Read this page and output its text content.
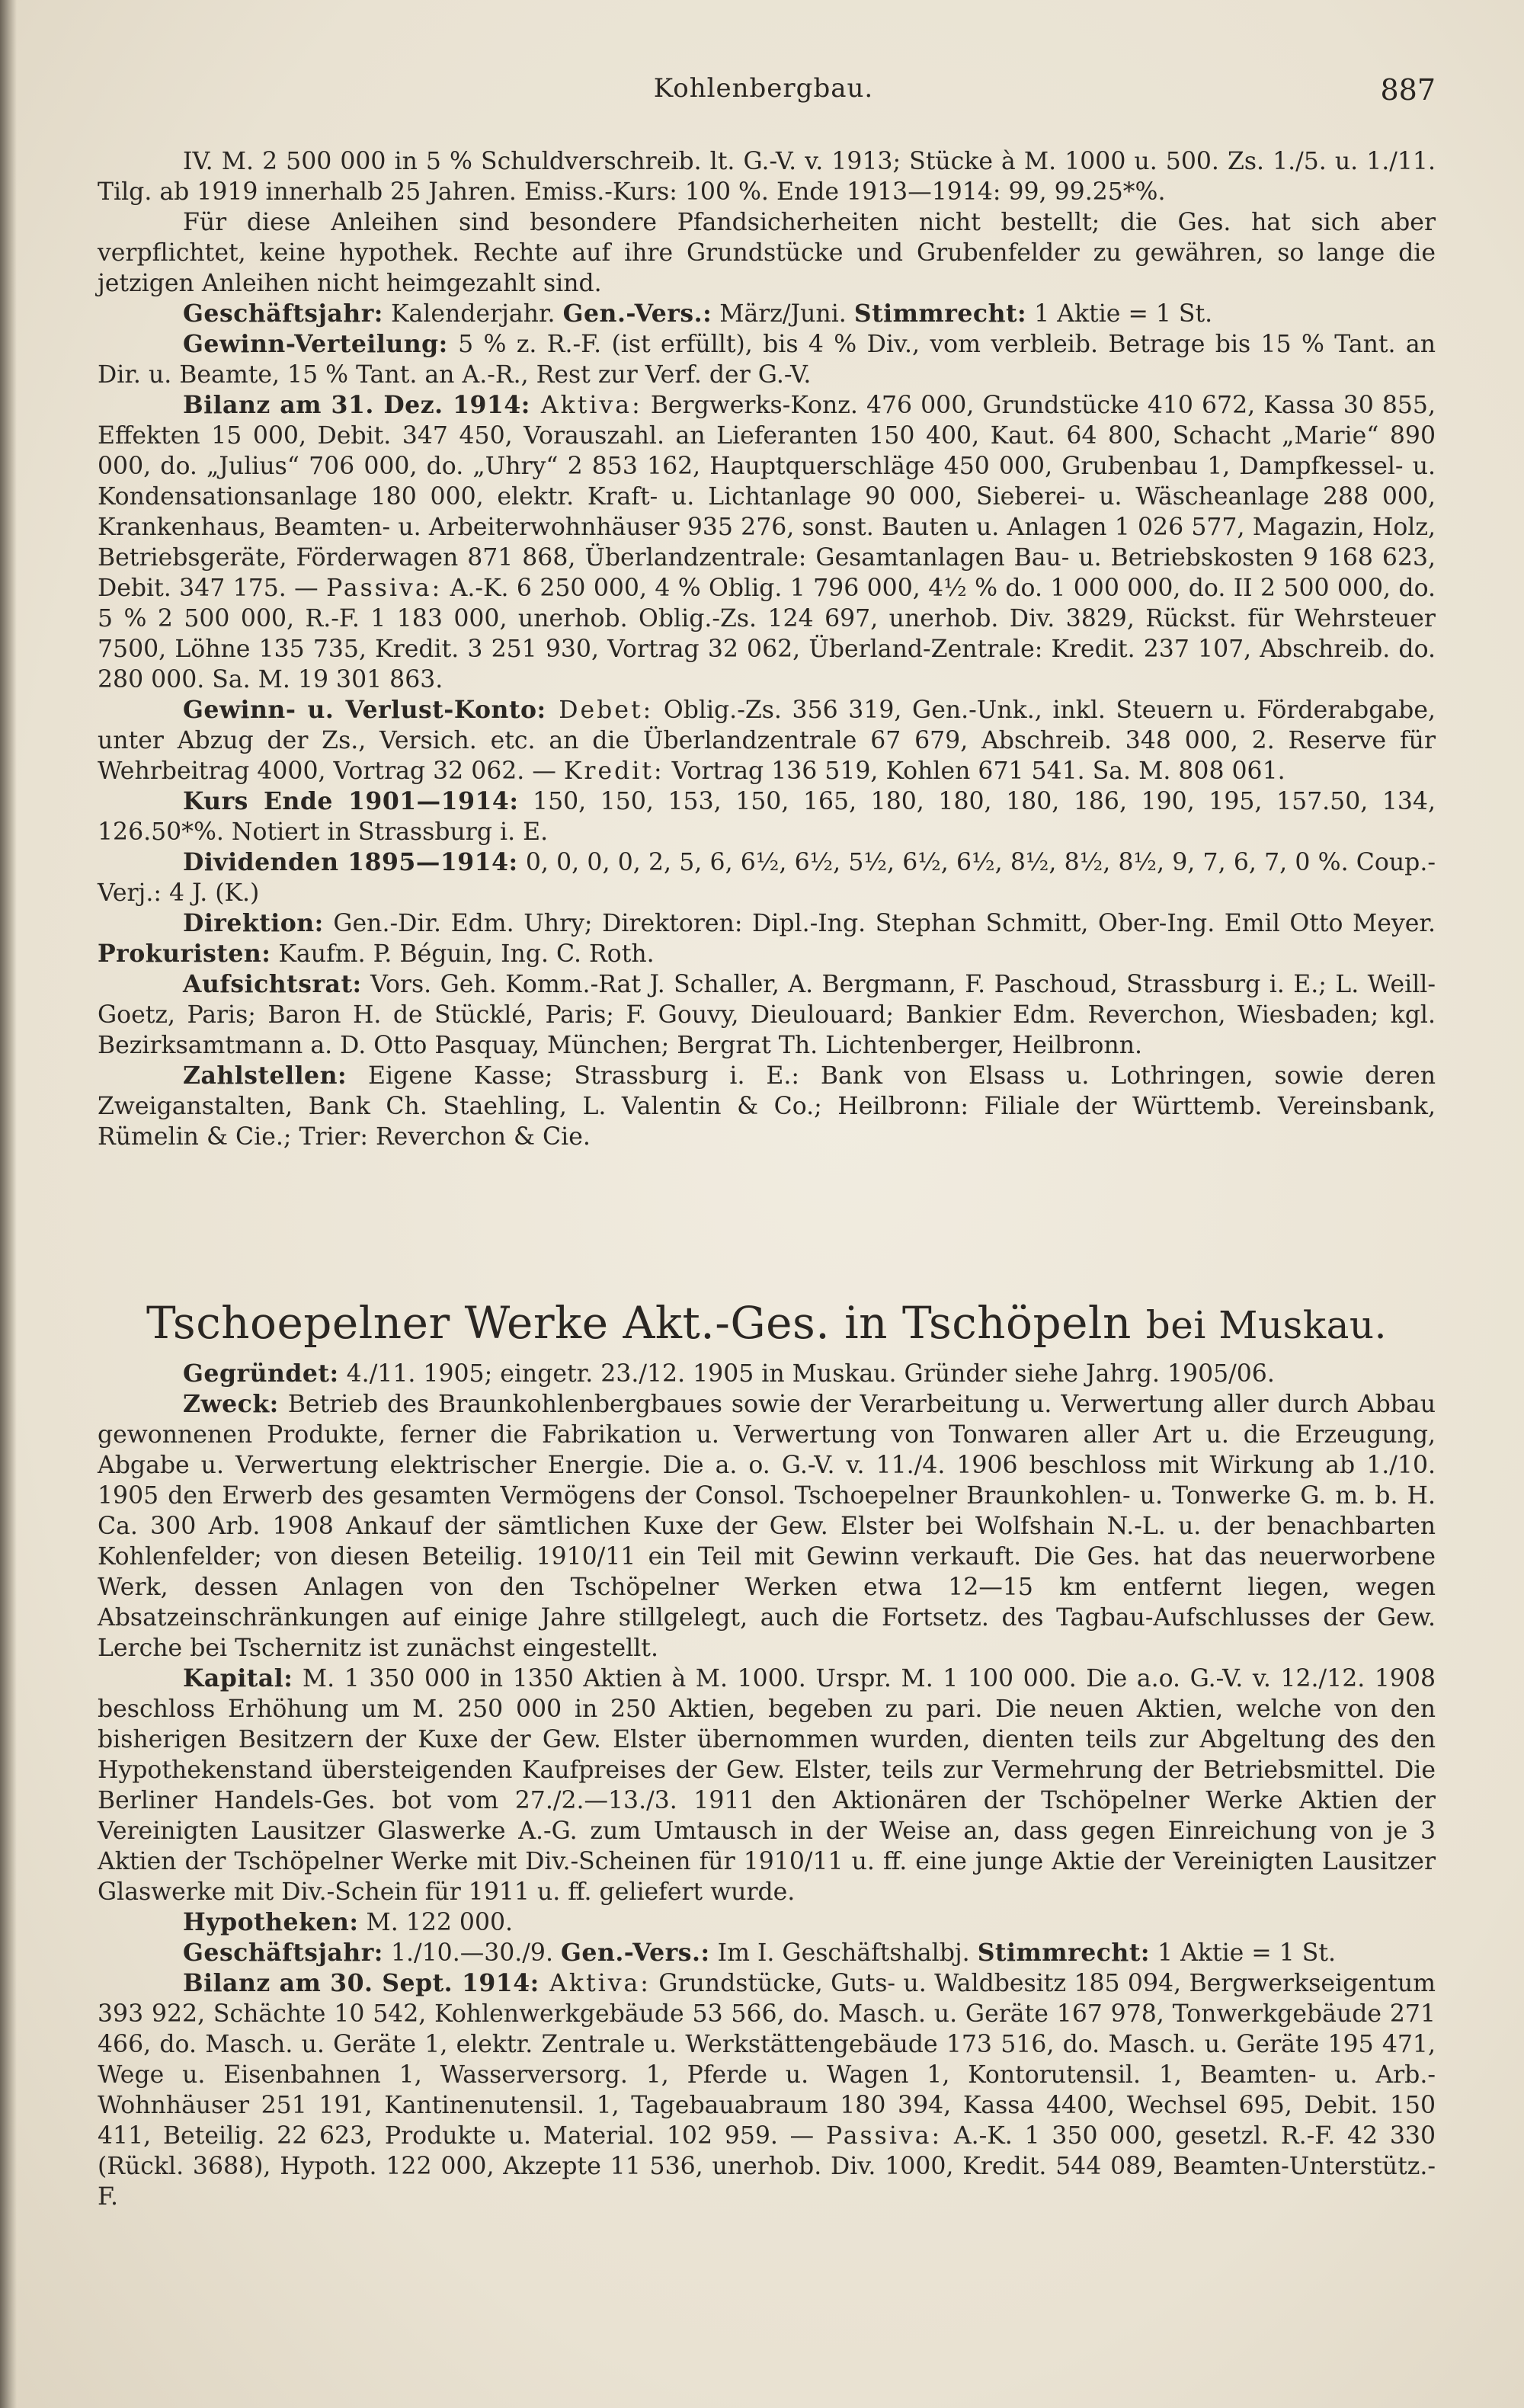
Kohlenbergbau.	887

IV. M. 2 500 000 in 5 % Schuldverschreib. lt. G.-V. v. 1913; Stücke à M. 1000 u. 500. Zs. 1./5. u. 1./11. Tilg. ab 1919 innerhalb 25 Jahren. Emiss.-Kurs: 100 %. Ende 1913—1914: 99, 99.25*%.

Für diese Anleihen sind besondere Pfandsicherheiten nicht bestellt; die Ges. hat sich aber verpflichtet, keine hypothek. Rechte auf ihre Grundstücke und Grubenfelder zu gewähren, so lange die jetzigen Anleihen nicht heimgezahlt sind.

Geschäftsjahr: Kalenderjahr. Gen.-Vers.: März/Juni. Stimmrecht: 1 Aktie = 1 St.

Gewinn-Verteilung: 5 % z. R.-F. (ist erfüllt), bis 4 % Div., vom verbleib. Betrage bis 15 % Tant. an Dir. u. Beamte, 15 % Tant. an A.-R., Rest zur Verf. der G.-V.

Bilanz am 31. Dez. 1914: Aktiva: Bergwerks-Konz. 476 000, Grundstücke 410 672, Kassa 30 855, Effekten 15 000, Debit. 347 450, Vorauszahl. an Lieferanten 150 400, Kaut. 64 800, Schacht „Marie“ 890 000, do. „Julius“ 706 000, do. „Uhry“ 2 853 162, Hauptquerschläge 450 000, Grubenbau 1, Dampfkessel- u. Kondensationsanlage 180 000, elektr. Kraft- u. Lichtanlage 90 000, Sieberei- u. Wäscheanlage 288 000, Krankenhaus, Beamten- u. Arbeiterwohnhäuser 935 276, sonst. Bauten u. Anlagen 1 026 577, Magazin, Holz, Betriebsgeräte, Förderwagen 871 868, Überlandzentrale: Gesamtanlagen Bau- u. Betriebskosten 9 168 623, Debit. 347 175. — Passiva: A.-K. 6 250 000, 4 % Oblig. 1 796 000, 4½ % do. 1 000 000, do. II 2 500 000, do. 5 % 2 500 000, R.-F. 1 183 000, unerhob. Oblig.-Zs. 124 697, unerhob. Div. 3829, Rückst. für Wehrsteuer 7500, Löhne 135 735, Kredit. 3 251 930, Vortrag 32 062, Überland-Zentrale: Kredit. 237 107, Abschreib. do. 280 000. Sa. M. 19 301 863.

Gewinn- u. Verlust-Konto: Debet: Oblig.-Zs. 356 319, Gen.-Unk., inkl. Steuern u. Förderabgabe, unter Abzug der Zs., Versich. etc. an die Überlandzentrale 67 679, Abschreib. 348 000, 2. Reserve für Wehrbeitrag 4000, Vortrag 32 062. — Kredit: Vortrag 136 519, Kohlen 671 541. Sa. M. 808 061.

Kurs Ende 1901—1914: 150, 150, 153, 150, 165, 180, 180, 180, 186, 190, 195, 157.50, 134, 126.50*%. Notiert in Strassburg i. E.

Dividenden 1895—1914: 0, 0, 0, 0, 2, 5, 6, 6½, 6½, 5½, 6½, 6½, 8½, 8½, 8½, 9, 7, 6, 7, 0 %. Coup.-Verj.: 4 J. (K.)

Direktion: Gen.-Dir. Edm. Uhry; Direktoren: Dipl.-Ing. Stephan Schmitt, Ober-Ing. Emil Otto Meyer. Prokuristen: Kaufm. P. Béguin, Ing. C. Roth.

Aufsichtsrat: Vors. Geh. Komm.-Rat J. Schaller, A. Bergmann, F. Paschoud, Strassburg i. E.; L. Weill-Goetz, Paris; Baron H. de Stücklé, Paris; F. Gouvy, Dieulouard; Bankier Edm. Reverchon, Wiesbaden; kgl. Bezirksamtmann a. D. Otto Pasquay, München; Bergrat Th. Lichtenberger, Heilbronn.

Zahlstellen: Eigene Kasse; Strassburg i. E.: Bank von Elsass u. Lothringen, sowie deren Zweiganstalten, Bank Ch. Staehling, L. Valentin & Co.; Heilbronn: Filiale der Württemb. Vereinsbank, Rümelin & Cie.; Trier: Reverchon & Cie.

Tschoepelner Werke Akt.-Ges. in Tschöpeln bei Muskau.

Gegründet: 4./11. 1905; eingetr. 23./12. 1905 in Muskau. Gründer siehe Jahrg. 1905/06.

Zweck: Betrieb des Braunkohlenbergbaues sowie der Verarbeitung u. Verwertung aller durch Abbau gewonnenen Produkte, ferner die Fabrikation u. Verwertung von Tonwaren aller Art u. die Erzeugung, Abgabe u. Verwertung elektrischer Energie. Die a. o. G.-V. v. 11./4. 1906 beschloss mit Wirkung ab 1./10. 1905 den Erwerb des gesamten Vermögens der Consol. Tschoepelner Braunkohlen- u. Tonwerke G. m. b. H. Ca. 300 Arb. 1908 Ankauf der sämtlichen Kuxe der Gew. Elster bei Wolfshain N.-L. u. der benachbarten Kohlenfelder; von diesen Beteilig. 1910/11 ein Teil mit Gewinn verkauft. Die Ges. hat das neuerworbene Werk, dessen Anlagen von den Tschöpelner Werken etwa 12—15 km entfernt liegen, wegen Absatzeinschränkungen auf einige Jahre stillgelegt, auch die Fortsetz. des Tagbau-Aufschlusses der Gew. Lerche bei Tschernitz ist zunächst eingestellt.

Kapital: M. 1 350 000 in 1350 Aktien à M. 1000. Urspr. M. 1 100 000. Die a.o. G.-V. v. 12./12. 1908 beschloss Erhöhung um M. 250 000 in 250 Aktien, begeben zu pari. Die neuen Aktien, welche von den bisherigen Besitzern der Kuxe der Gew. Elster übernommen wurden, dienten teils zur Abgeltung des den Hypothekenstand übersteigenden Kaufpreises der Gew. Elster, teils zur Vermehrung der Betriebsmittel. Die Berliner Handels-Ges. bot vom 27./2.—13./3. 1911 den Aktionären der Tschöpelner Werke Aktien der Vereinigten Lausitzer Glaswerke A.-G. zum Umtausch in der Weise an, dass gegen Einreichung von je 3 Aktien der Tschöpelner Werke mit Div.-Scheinen für 1910/11 u. ff. eine junge Aktie der Vereinigten Lausitzer Glaswerke mit Div.-Schein für 1911 u. ff. geliefert wurde.

Hypotheken: M. 122 000.

Geschäftsjahr: 1./10.—30./9. Gen.-Vers.: Im I. Geschäftshalbj. Stimmrecht: 1 Aktie = 1 St.

Bilanz am 30. Sept. 1914: Aktiva: Grundstücke, Guts- u. Waldbesitz 185 094, Bergwerkseigentum 393 922, Schächte 10 542, Kohlenwerkgebäude 53 566, do. Masch. u. Geräte 167 978, Tonwerkgebäude 271 466, do. Masch. u. Geräte 1, elektr. Zentrale u. Werkstättengebäude 173 516, do. Masch. u. Geräte 195 471, Wege u. Eisenbahnen 1, Wasserversorg. 1, Pferde u. Wagen 1, Kontorutensil. 1, Beamten- u. Arb.-Wohnhäuser 251 191, Kantinenutensil. 1, Tagebauabraum 180 394, Kassa 4400, Wechsel 695, Debit. 150 411, Beteilig. 22 623, Produkte u. Material. 102 959. — Passiva: A.-K. 1 350 000, gesetzl. R.-F. 42 330 (Rückl. 3688), Hypoth. 122 000, Akzepte 11 536, unerhob. Div. 1000, Kredit. 544 089, Beamten-Unterstütz.-F.
